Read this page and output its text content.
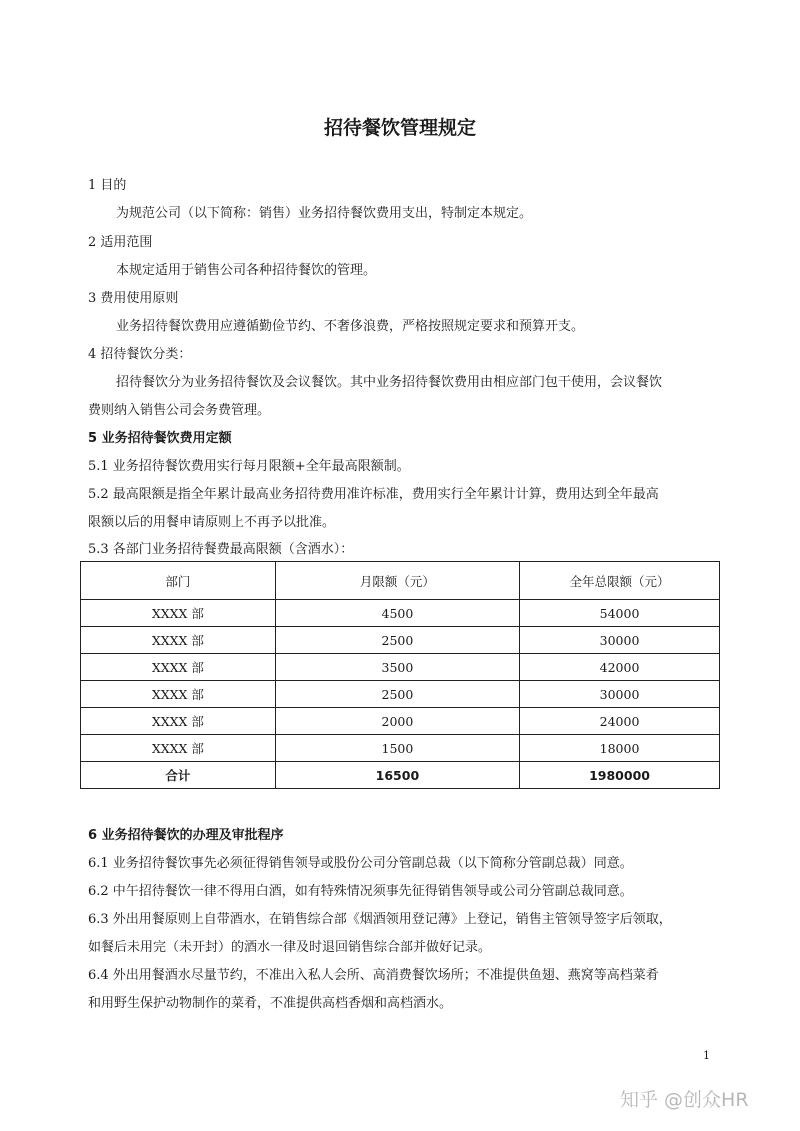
招待餐饮管理规定
1 目的
为规范公司（以下简称：销售）业务招待餐饮费用支出，特制定本规定。
2 适用范围
本规定适用于销售公司各种招待餐饮的管理。
3 费用使用原则
业务招待餐饮费用应遵循勤俭节约、不奢侈浪费，严格按照规定要求和预算开支。
4 招待餐饮分类：
招待餐饮分为业务招待餐饮及会议餐饮。其中业务招待餐饮费用由相应部门包干使用，会议餐饮
费则纳入销售公司会务费管理。
5 业务招待餐饮费用定额
5.1 业务招待餐饮费用实行每月限额+全年最高限额制。
5.2 最高限额是指全年累计最高业务招待费用准许标准，费用实行全年累计计算，费用达到全年最高
限额以后的用餐申请原则上不再予以批准。
5.3 各部门业务招待餐费最高限额（含酒水）：
部门	月限额（元）	全年总限额（元）
XXXX 部	4500	54000
XXXX 部	2500	30000
XXXX 部	3500	42000
XXXX 部	2500	30000
XXXX 部	2000	24000
XXXX 部	1500	18000
合计	16500	1980000
6 业务招待餐饮的办理及审批程序
6.1 业务招待餐饮事先必须征得销售领导或股份公司分管副总裁（以下简称分管副总裁）同意。
6.2 中午招待餐饮一律不得用白酒，如有特殊情况须事先征得销售领导或公司分管副总裁同意。
6.3 外出用餐原则上自带酒水，在销售综合部《烟酒领用登记薄》上登记，销售主管领导签字后领取，
如餐后未用完（未开封）的酒水一律及时退回销售综合部并做好记录。
6.4 外出用餐酒水尽量节约，不准出入私人会所、高消费餐饮场所；不准提供鱼翅、燕窝等高档菜肴
和用野生保护动物制作的菜肴，不准提供高档香烟和高档酒水。
1
知乎 @创众HR
